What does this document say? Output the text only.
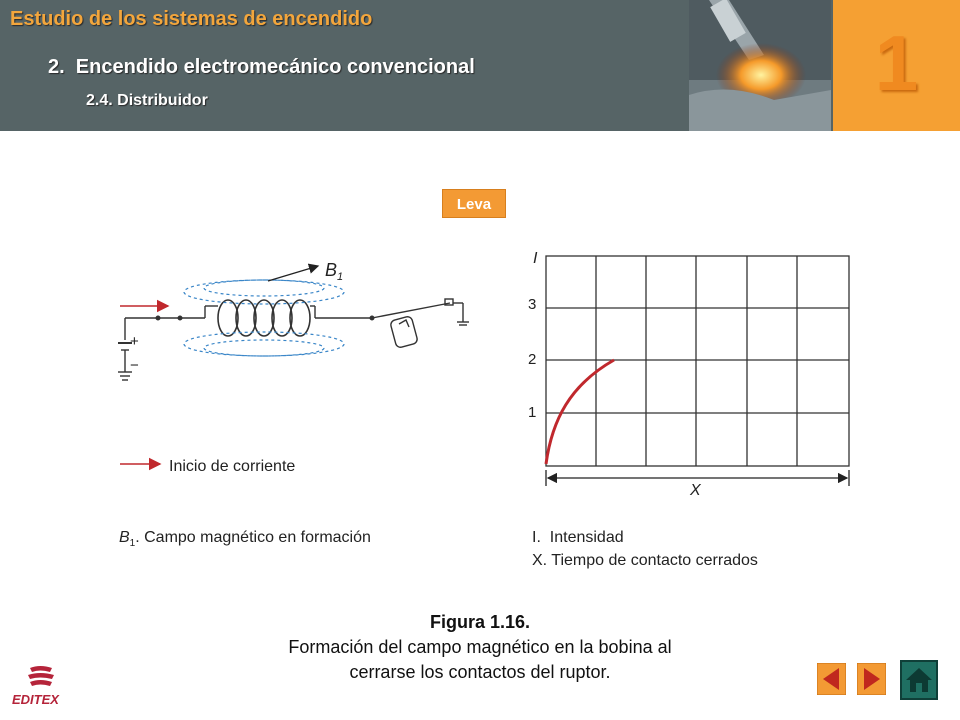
Estudio de los sistemas de encendido
2.  Encendido electromecánico convencional
2.4. Distribuidor	1
Leva
$B_1$
+
−
Inicio de corriente
$B_1$. Campo magnético en formación
I
3
2
1
X
I.  Intensidad
X. Tiempo de contacto cerrados
Figura 1.16.
Formación del campo magnético en la bobina al
cerrarse los contactos del ruptor.
EDITEX
